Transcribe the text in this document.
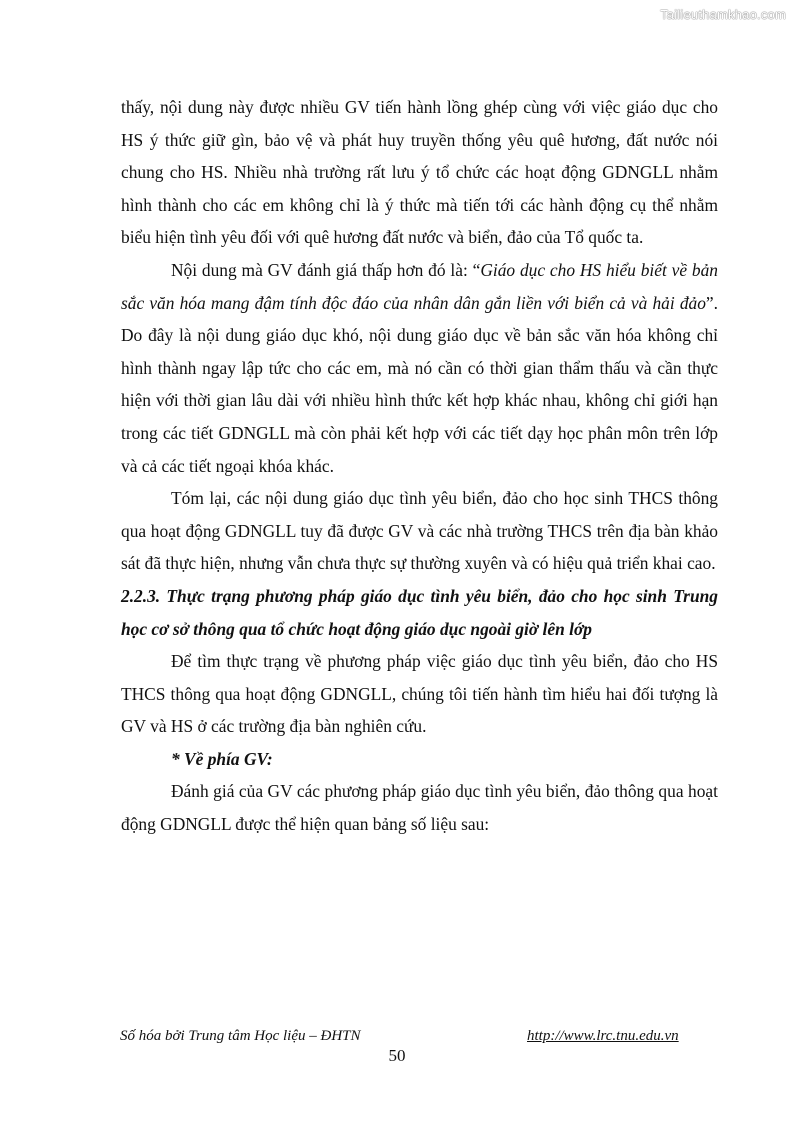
Tailieuthamkhao.com

thấy, nội dung này được nhiều GV tiến hành lồng ghép cùng với việc giáo dục cho HS ý thức giữ gìn, bảo vệ và phát huy truyền thống yêu quê hương, đất nước nói chung cho HS. Nhiều nhà trường rất lưu ý tổ chức các hoạt động GDNGLL nhằm hình thành cho các em không chỉ là ý thức mà tiến tới các hành động cụ thể nhằm biểu hiện tình yêu đối với quê hương đất nước và biển, đảo của Tổ quốc ta.

Nội dung mà GV đánh giá thấp hơn đó là: “Giáo dục cho HS hiểu biết về bản sắc văn hóa mang đậm tính độc đáo của nhân dân gắn liền với biển cả và hải đảo”. Do đây là nội dung giáo dục khó, nội dung giáo dục về bản sắc văn hóa không chỉ hình thành ngay lập tức cho các em, mà nó cần có thời gian thẩm thấu và cần thực hiện với thời gian lâu dài với nhiều hình thức kết hợp khác nhau, không chỉ giới hạn trong các tiết GDNGLL mà còn phải kết hợp với các tiết dạy học phân môn trên lớp và cả các tiết ngoại khóa khác.

Tóm lại, các nội dung giáo dục tình yêu biển, đảo cho học sinh THCS thông qua hoạt động GDNGLL tuy đã được GV và các nhà trường THCS trên địa bàn khảo sát đã thực hiện, nhưng vẫn chưa thực sự thường xuyên và có hiệu quả triển khai cao.

2.2.3. Thực trạng phương pháp giáo dục tình yêu biển, đảo cho học sinh Trung học cơ sở thông qua tổ chức hoạt động giáo dục ngoài giờ lên lớp

Để tìm thực trạng về phương pháp việc giáo dục tình yêu biển, đảo cho HS THCS thông qua hoạt động GDNGLL, chúng tôi tiến hành tìm hiểu hai đối tượng là GV và HS ở các trường địa bàn nghiên cứu.

* Về phía GV:

Đánh giá của GV các phương pháp giáo dục tình yêu biển, đảo thông qua hoạt động GDNGLL được thể hiện quan bảng số liệu sau:

Số hóa bởi Trung tâm Học liệu – ĐHTN	http://www.lrc.tnu.edu.vn
50
